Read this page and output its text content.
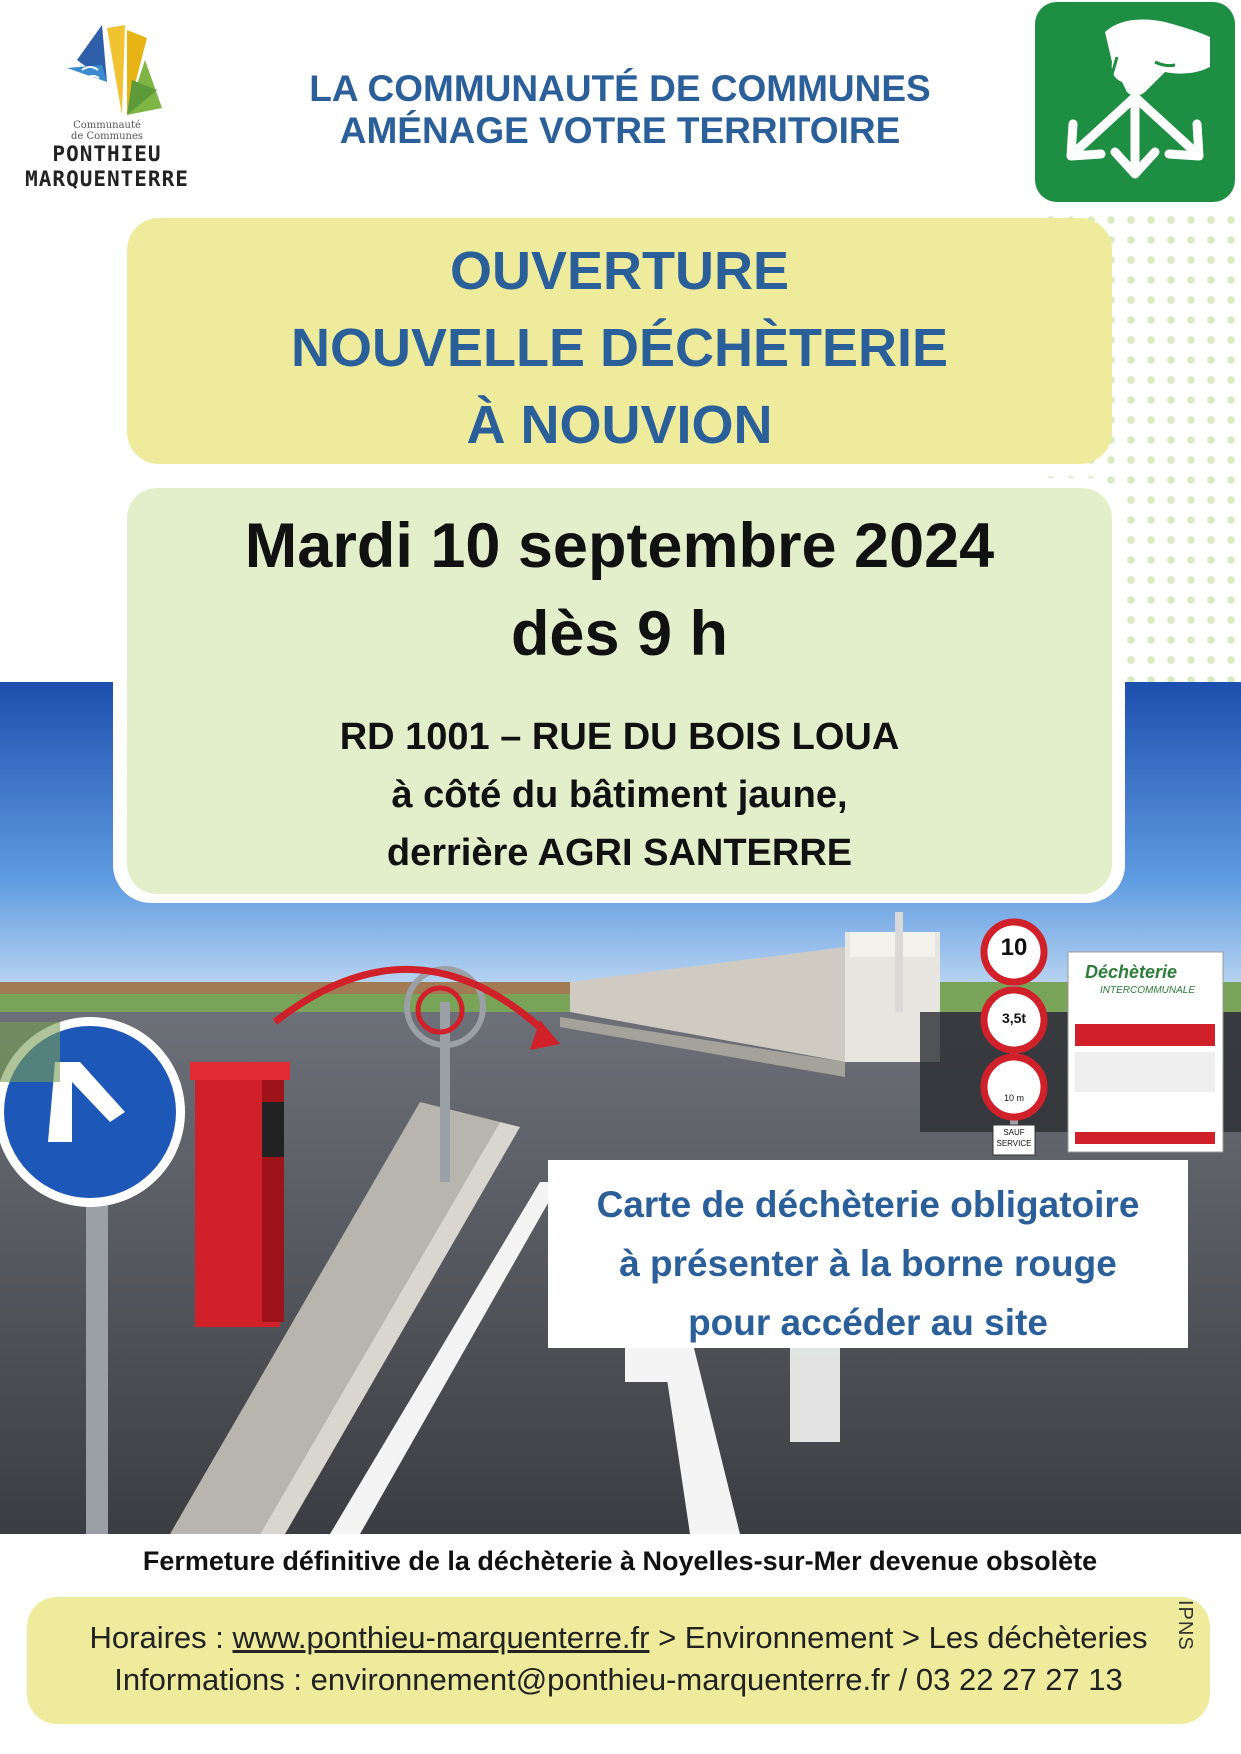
Communauté
de Communes
PONTHIEU
MARQUENTERRE
LA COMMUNAUTÉ DE COMMUNES
AMÉNAGE VOTRE TERRITOIRE
10
3,5t
10 m
SAUF
SERVICE
Déchèterie
INTERCOMMUNALE
OUVERTURE
NOUVELLE DÉCHÈTERIE
À NOUVION
Mardi 10 septembre 2024
dès 9 h
RD 1001 – RUE DU BOIS LOUA
à côté du bâtiment jaune,
derrière AGRI SANTERRE
Carte de déchèterie obligatoire
à présenter à la borne rouge
pour accéder au site
Fermeture définitive de la déchèterie à Noyelles-sur-Mer devenue obsolète
Horaires : www.ponthieu-marquenterre.fr > Environnement > Les déchèteries
Informations : environnement@ponthieu-marquenterre.fr / 03 22 27 27 13
IPNS
